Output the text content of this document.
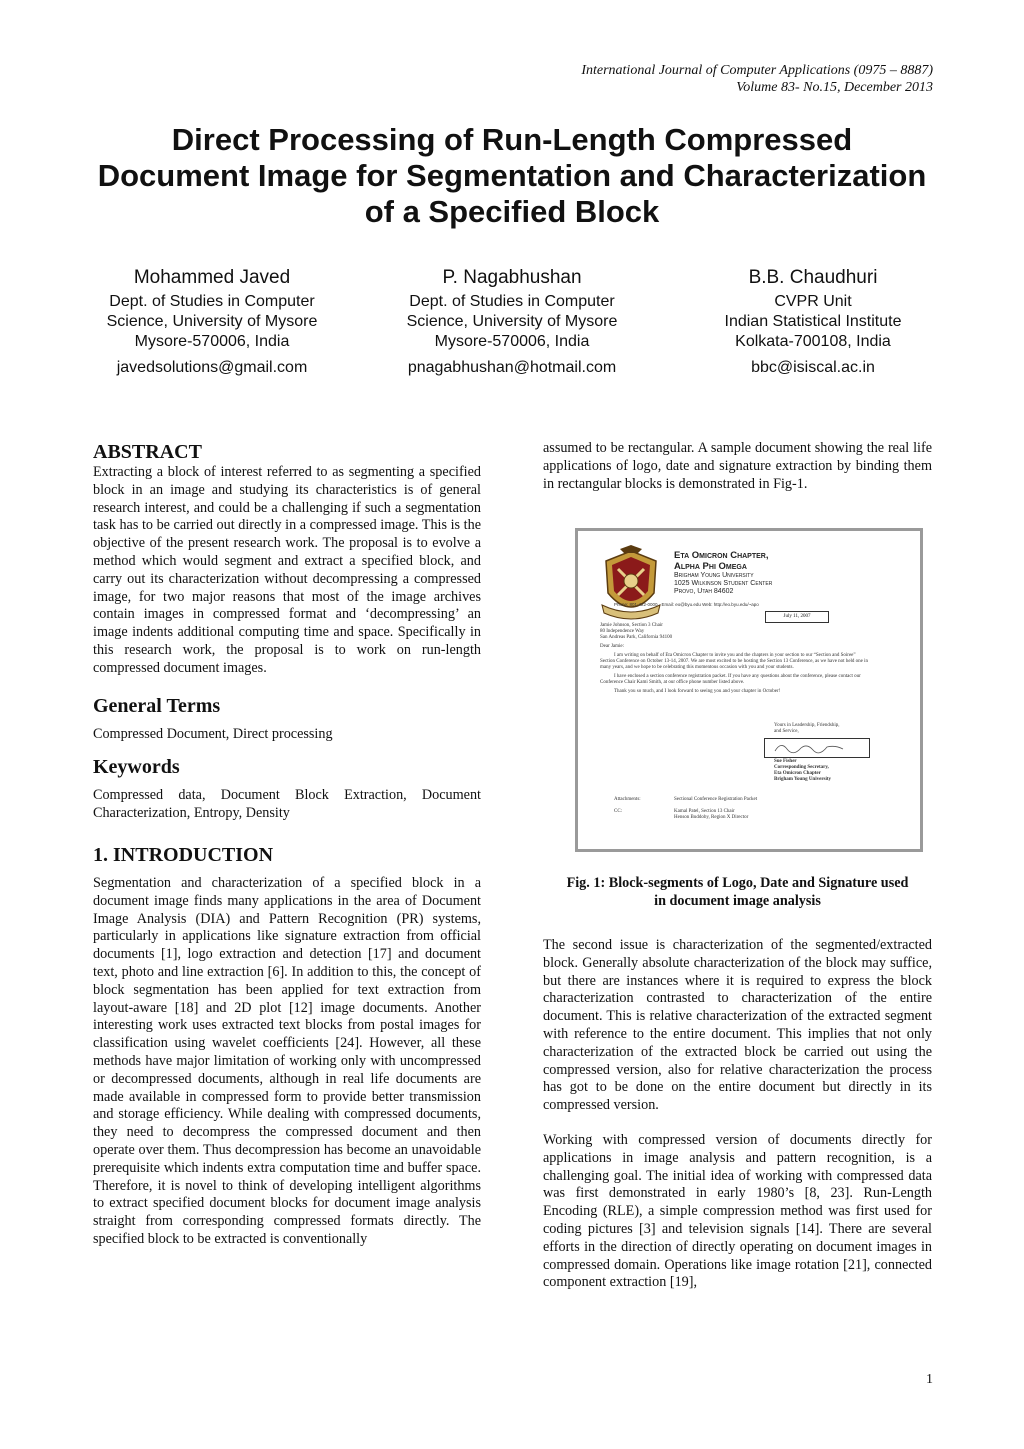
International Journal of Computer Applications (0975 – 8887)
Volume 83- No.15, December 2013
Direct Processing of Run-Length Compressed
Document Image for Segmentation and Characterization
of a Specified Block
Mohammed Javed
Dept. of Studies in Computer
Science, University of Mysore
Mysore-570006, India
javedsolutions@gmail.com
P. Nagabhushan
Dept. of Studies in Computer
Science, University of Mysore
Mysore-570006, India
pnagabhushan@hotmail.com
B.B. Chaudhuri
CVPR Unit
Indian Statistical Institute
Kolkata-700108, India
bbc@isiscal.ac.in
ABSTRACT

Extracting a block of interest referred to as segmenting a specified block in an image and studying its characteristics is of general research interest, and could be a challenging if such a segmentation task has to be carried out directly in a compressed image. This is the objective of the present research work. The proposal is to evolve a method which would segment and extract a specified block, and carry out its characterization without decompressing a compressed image, for two major reasons that most of the image archives contain images in compressed format and ‘decompressing’ an image indents additional computing time and space. Specifically in this research work, the proposal is to work on run-length compressed document images.

General Terms

Compressed Document, Direct processing

Keywords

Compressed data, Document Block Extraction, Document Characterization, Entropy, Density

1. INTRODUCTION

Segmentation and characterization of a specified block in a document image finds many applications in the area of Document Image Analysis (DIA) and Pattern Recognition (PR) systems, particularly in applications like signature extraction from official documents [1], logo extraction and detection [17] and document text, photo and line extraction [6]. In addition to this, the concept of block segmentation has been applied for text extraction from layout-aware [18] and 2D plot [12] image documents. Another interesting work uses extracted text blocks from postal images for classification using wavelet coefficients [24]. However, all these methods have major limitation of working only with uncompressed or decompressed documents, although in real life documents are made available in compressed form to provide better transmission and storage efficiency. While dealing with compressed documents, they need to decompress the compressed document and then operate over them. Thus decompression has become an unavoidable prerequisite which indents extra computation time and buffer space. Therefore, it is novel to think of developing intelligent algorithms to extract specified document blocks for document image analysis straight from corresponding compressed formats directly. The specified block to be extracted is conventionally

assumed to be rectangular. A sample document showing the real life applications of logo, date and signature extraction by binding them in rectangular blocks is demonstrated in Fig-1.

Eta Omicron Chapter,
Alpha Phi Omega
Brigham Young University
1025 Wilkinson Student Center
Provo, Utah 84602
Phone: 801-422-0000 · Email: eo@byu.edu Web: http://eo.byu.edu/~apo
July 11, 2007
Jamie Johnson, Section 3 Chair
80 Independence Way
San Andreas Park, California 94100
Dear Jamie:
I am writing on behalf of Eta Omicron Chapter to invite you and the chapters in your section to our “Section and Soiree” Section Conference on October 13-14, 2007. We are most excited to be hosting the Section 13 Conference, as we have not held one in many years, and we hope to be celebrating this momentous occasion with you and your students.
I have enclosed a section conference registration packet. If you have any questions about the conference, please contact our Conference Chair Kami Smith, at our office phone number listed above.
Thank you so much, and I look forward to seeing you and your chapter in October!
Yours in Leadership, Friendship,
and Service,
Sue Fisher
Corresponding Secretary,
Eta Omicron Chapter
Brigham Young University
Attachments:	Sectional Conference Registration Packet
CC:	Kamal Patel, Section 13 Chair
Henson Buddoby, Region X Director
Fig. 1: Block-segments of Logo, Date and Signature used
in document image analysis

The second issue is characterization of the segmented/extracted block. Generally absolute characterization of the block may suffice, but there are instances where it is required to express the block characterization contrasted to characterization of the entire document. This is relative characterization of the extracted segment with reference to the entire document. This implies that not only characterization of the extracted block be carried out using the compressed version, also for relative characterization the process has got to be done on the entire document but directly in its compressed version.

Working with compressed version of documents directly for applications in image analysis and pattern recognition, is a challenging goal. The initial idea of working with compressed data was first demonstrated in early 1980’s [8, 23]. Run-Length Encoding (RLE), a simple compression method was first used for coding pictures [3] and television signals [14]. There are several efforts in the direction of directly operating on document images in compressed domain. Operations like image rotation [21], connected component extraction [19],

1
